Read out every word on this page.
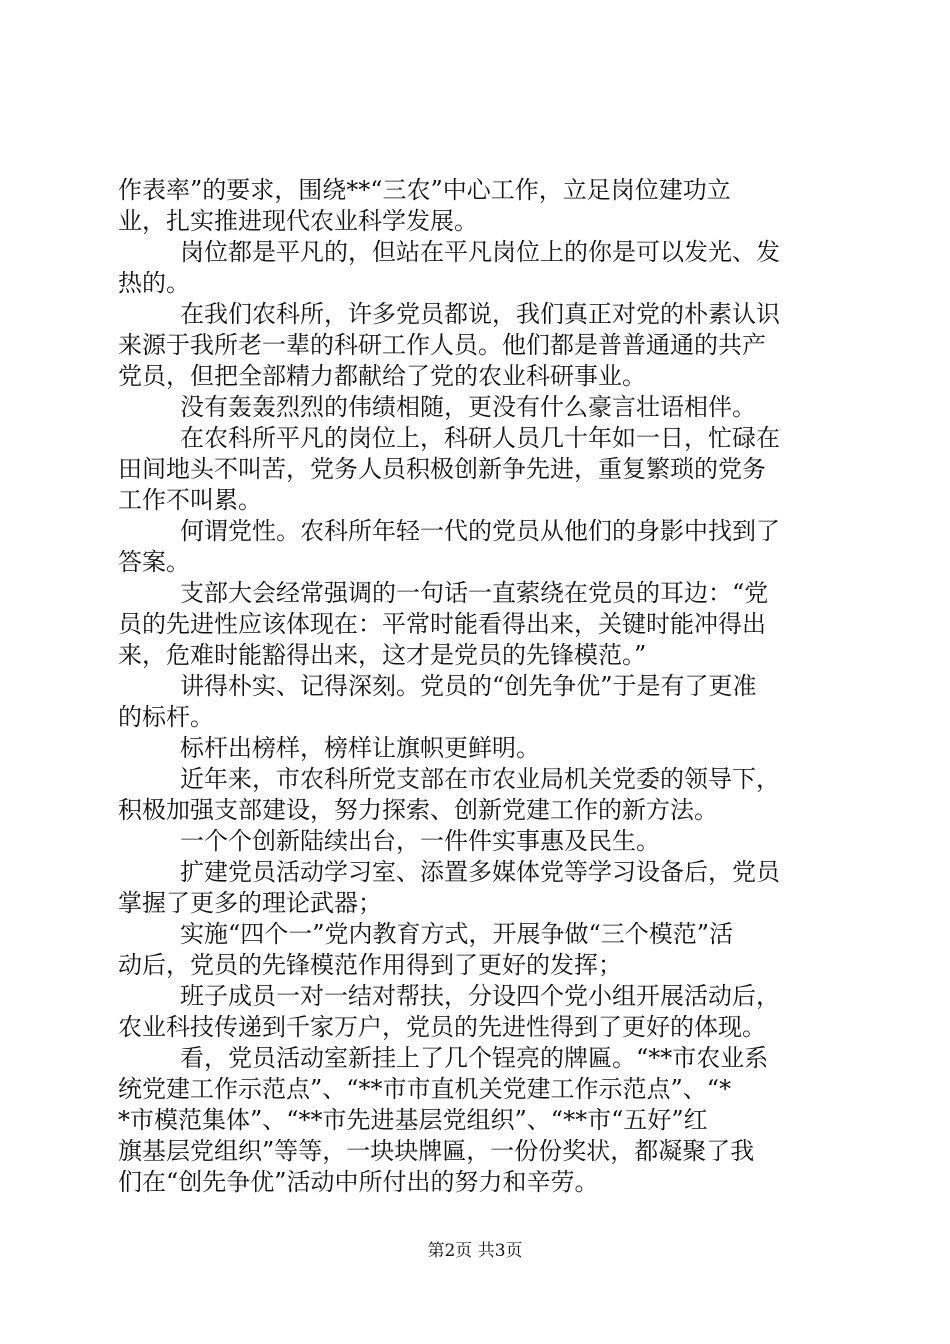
作表率”的要求，围绕**“三农”中心工作，立足岗位建功立
业，扎实推进现代农业科学发展。
岗位都是平凡的，但站在平凡岗位上的你是可以发光、发
热的。
在我们农科所，许多党员都说，我们真正对党的朴素认识
来源于我所老一辈的科研工作人员。他们都是普普通通的共产
党员，但把全部精力都献给了党的农业科研事业。
没有轰轰烈烈的伟绩相随，更没有什么豪言壮语相伴。
在农科所平凡的岗位上，科研人员几十年如一日，忙碌在
田间地头不叫苦，党务人员积极创新争先进，重复繁琐的党务
工作不叫累。
何谓党性。农科所年轻一代的党员从他们的身影中找到了
答案。
支部大会经常强调的一句话一直萦绕在党员的耳边：“党
员的先进性应该体现在：平常时能看得出来，关键时能冲得出
来，危难时能豁得出来，这才是党员的先锋模范。”
讲得朴实、记得深刻。党员的“创先争优”于是有了更准
的标杆。
标杆出榜样，榜样让旗帜更鲜明。
近年来，市农科所党支部在市农业局机关党委的领导下，
积极加强支部建设，努力探索、创新党建工作的新方法。
一个个创新陆续出台，一件件实事惠及民生。
扩建党员活动学习室、添置多媒体党等学习设备后，党员
掌握了更多的理论武器；
实施“四个一”党内教育方式，开展争做“三个模范”活
动后，党员的先锋模范作用得到了更好的发挥；
班子成员一对一结对帮扶，分设四个党小组开展活动后，
农业科技传递到千家万户，党员的先进性得到了更好的体现。
看，党员活动室新挂上了几个锃亮的牌匾。“**市农业系
统党建工作示范点”、“**市市直机关党建工作示范点”、“*
*市模范集体”、“**市先进基层党组织”、“**市“五好”红
旗基层党组织”等等，一块块牌匾，一份份奖状，都凝聚了我
们在“创先争优”活动中所付出的努力和辛劳。
第2页 共3页
